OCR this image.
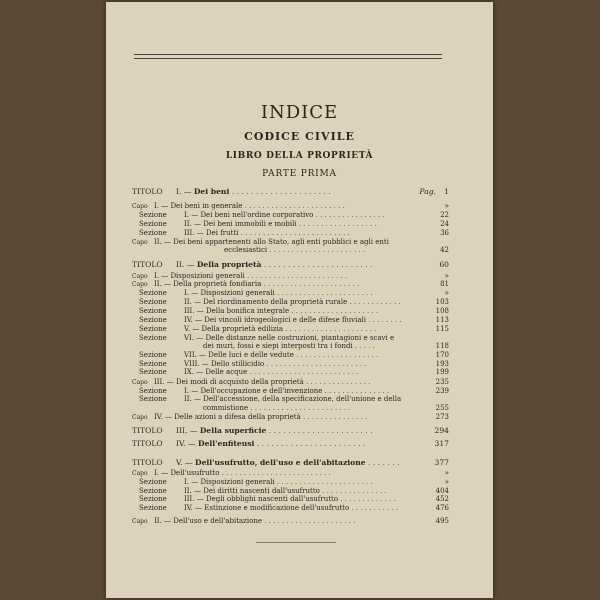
INDICE
CODICE CIVILE
LIBRO DELLA PROPRIETÀ
PARTE PRIMA
TITOLO I. — Dei beni . . . . . . . . . . . . . . . . . . . . .	Pag. 1
Capo I. — Dei beni in generale . . . . . . . . . . . . . . . . . . . . . . .	»
Sezione I. — Dei beni nell'ordine corporativo . . . . . . . . . . . . . . . .	22
Sezione II. — Dei beni immobili e mobili . . . . . . . . . . . . . . . . . .	24
Sezione III. — Dei frutti . . . . . . . . . . . . . . . . . . . . . . . . .	36
Capo II. — Dei beni appartenenti allo Stato, agli enti pubblici e agli enti
ecclesiastici . . . . . . . . . . . . . . . . . . . . . .	42
TITOLO II. — Della proprietà . . . . . . . . . . . . . . . . . . . . . . .	60
Capo I. — Disposizioni generali . . . . . . . . . . . . . . . . . . . . . . .	»
Capo II. — Della proprietà fondiaria . . . . . . . . . . . . . . . . . . . . . .	81
Sezione I. — Disposizioni generali . . . . . . . . . . . . . . . . . . . . . .	»
Sezione II. — Del riordinamento della proprietà rurale . . . . . . . . . . . .	103
Sezione III. — Della bonifica integrale . . . . . . . . . . . . . . . . . . . .	108
Sezione IV. — Dei vincoli idrogeologici e delle difese fluviali . . . . . . . .	113
Sezione V. — Della proprietà edilizia . . . . . . . . . . . . . . . . . . . . .	115
Sezione VI. — Delle distanze nelle costruzioni, piantagioni e scavi e
dei muri, fossi e siepi interposti tra i fondi . . . . .	118
Sezione VII. — Delle luci e delle vedute . . . . . . . . . . . . . . . . . . .	170
Sezione VIII. — Dello stillicidio . . . . . . . . . . . . . . . . . . . . . . .	193
Sezione IX. — Delle acque . . . . . . . . . . . . . . . . . . . . . . . . .	199
Capo III. — Dei modi di acquisto della proprietà . . . . . . . . . . . . . . .	235
Sezione I. — Dell'occupazione e dell'invenzione . . . . . . . . . . . . . . .	239
Sezione II. — Dell'accessione, della specificazione, dell'unione e della
commistione . . . . . . . . . . . . . . . . . . . . . . .	255
Capo IV. — Delle azioni a difesa della proprietà . . . . . . . . . . . . . . .	273
TITOLO III. — Della superficie . . . . . . . . . . . . . . . . . . . . . .	294
TITOLO IV. — Dell'enfiteusi . . . . . . . . . . . . . . . . . . . . . . .	317
TITOLO V. — Dell'usufrutto, dell'uso e dell'abitazione . . . . . . .	377
Capo I. — Dell'usufrutto . . . . . . . . . . . . . . . . . . . . . . . . .	»
Sezione I. — Disposizioni generali . . . . . . . . . . . . . . . . . . . . . .	»
Sezione II. — Dei diritti nascenti dall'usufrutto . . . . . . . . . . . . . . .	404
Sezione III. — Degli obblighi nascenti dall'usufrutto . . . . . . . . . . . . .	452
Sezione IV. — Estinzione e modificazione dell'usufrutto . . . . . . . . . . .	476
Capo II. — Dell'uso e dell'abitazione . . . . . . . . . . . . . . . . . . . . .	495
